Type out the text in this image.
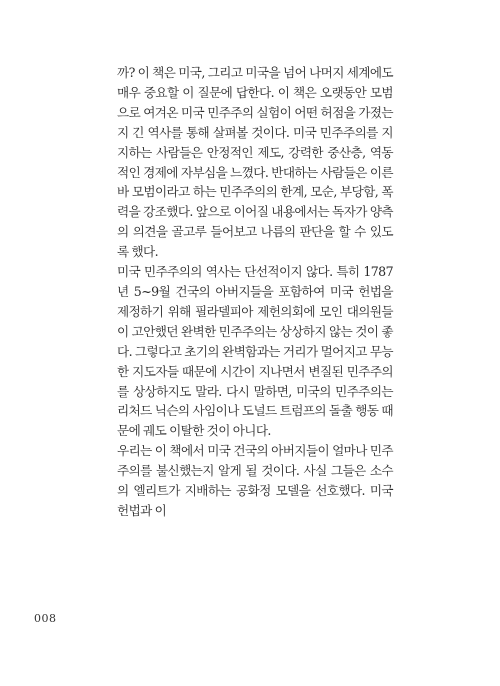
까? 이 책은 미국, 그리고 미국을 넘어 나머지 세계에도 매우 중요할 이 질문에 답한다. 이 책은 오랫동안 모범으로 여겨온 미국 민주주의 실험이 어떤 허점을 가졌는지 긴 역사를 통해 살펴볼 것이다. 미국 민주주의를 지지하는 사람들은 안정적인 제도, 강력한 중산층, 역동적인 경제에 자부심을 느꼈다. 반대하는 사람들은 이른바 모범이라고 하는 민주주의의 한계, 모순, 부당함, 폭력을 강조했다. 앞으로 이어질 내용에서는 독자가 양측의 의견을 골고루 들어보고 나름의 판단을 할 수 있도록 했다.

미국 민주주의의 역사는 단선적이지 않다. 특히 1787년 5~9월 건국의 아버지들을 포함하여 미국 헌법을 제정하기 위해 필라델피아 제헌의회에 모인 대의원들이 고안했던 완벽한 민주주의는 상상하지 않는 것이 좋다. 그렇다고 초기의 완벽함과는 거리가 멀어지고 무능한 지도자들 때문에 시간이 지나면서 변질된 민주주의를 상상하지도 말라. 다시 말하면, 미국의 민주주의는 리처드 닉슨의 사임이나 도널드 트럼프의 돌출 행동 때문에 궤도 이탈한 것이 아니다.

우리는 이 책에서 미국 건국의 아버지들이 얼마나 민주주의를 불신했는지 알게 될 것이다. 사실 그들은 소수의 엘리트가 지배하는 공화정 모델을 선호했다. 미국 헌법과 이

008
